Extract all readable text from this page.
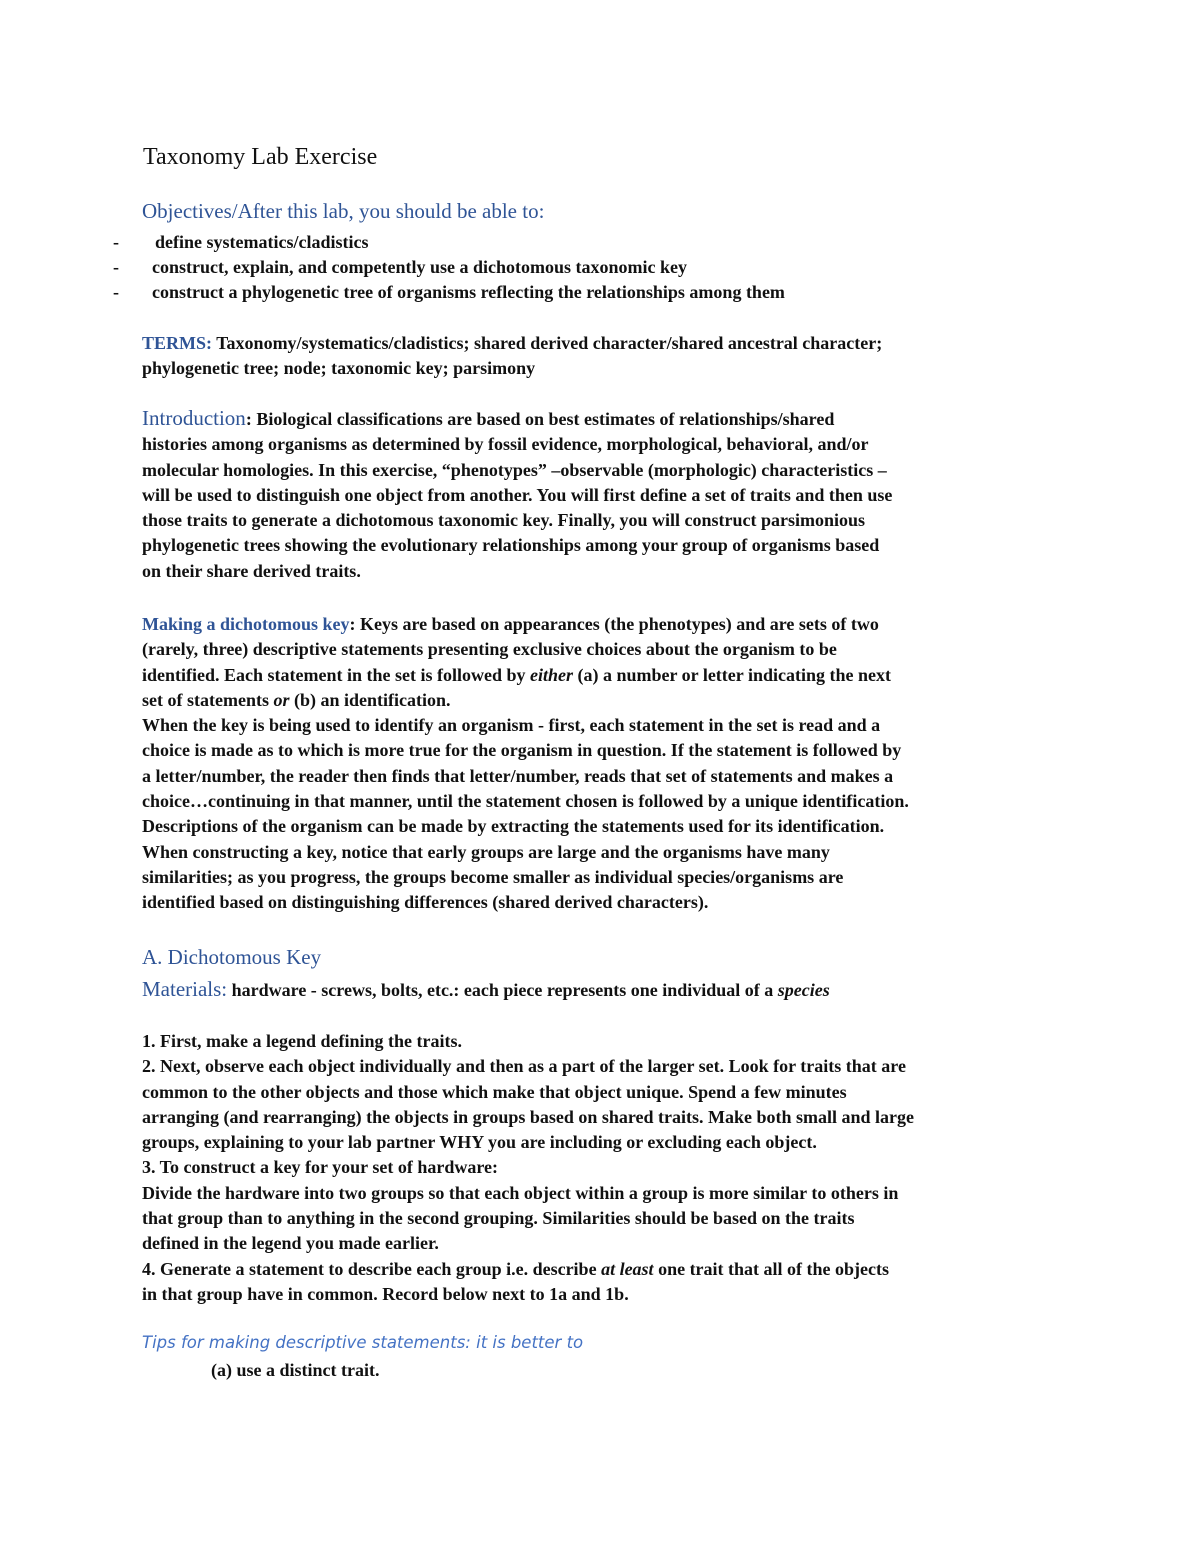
Taxonomy Lab Exercise
Objectives/After this lab, you should be able to:
- define systematics/cladistics
- construct, explain, and competently use a dichotomous taxonomic key
- construct a phylogenetic tree of organisms reflecting the relationships among them
TERMS: Taxonomy/systematics/cladistics; shared derived character/shared ancestral character;
phylogenetic tree; node; taxonomic key; parsimony
Introduction: Biological classifications are based on best estimates of relationships/shared
histories among organisms as determined by fossil evidence, morphological, behavioral, and/or
molecular homologies. In this exercise, “phenotypes” –observable (morphologic) characteristics –
will be used to distinguish one object from another. You will first define a set of traits and then use
those traits to generate a dichotomous taxonomic key. Finally, you will construct parsimonious
phylogenetic trees showing the evolutionary relationships among your group of organisms based
on their share derived traits.
Making a dichotomous key: Keys are based on appearances (the phenotypes) and are sets of two
(rarely, three) descriptive statements presenting exclusive choices about the organism to be
identified. Each statement in the set is followed by either (a) a number or letter indicating the next
set of statements or (b) an identification.
When the key is being used to identify an organism - first, each statement in the set is read and a
choice is made as to which is more true for the organism in question. If the statement is followed by
a letter/number, the reader then finds that letter/number, reads that set of statements and makes a
choice…continuing in that manner, until the statement chosen is followed by a unique identification.
Descriptions of the organism can be made by extracting the statements used for its identification.
When constructing a key, notice that early groups are large and the organisms have many
similarities; as you progress, the groups become smaller as individual species/organisms are
identified based on distinguishing differences (shared derived characters).
A. Dichotomous Key
Materials: hardware - screws, bolts, etc.: each piece represents one individual of a species
1. First, make a legend defining the traits.
2. Next, observe each object individually and then as a part of the larger set. Look for traits that are
common to the other objects and those which make that object unique. Spend a few minutes
arranging (and rearranging) the objects in groups based on shared traits. Make both small and large
groups, explaining to your lab partner WHY you are including or excluding each object.
3. To construct a key for your set of hardware:
Divide the hardware into two groups so that each object within a group is more similar to others in
that group than to anything in the second grouping. Similarities should be based on the traits
defined in the legend you made earlier.
4. Generate a statement to describe each group i.e. describe at least one trait that all of the objects
in that group have in common. Record below next to 1a and 1b.
Tips for making descriptive statements: it is better to
(a) use a distinct trait.
